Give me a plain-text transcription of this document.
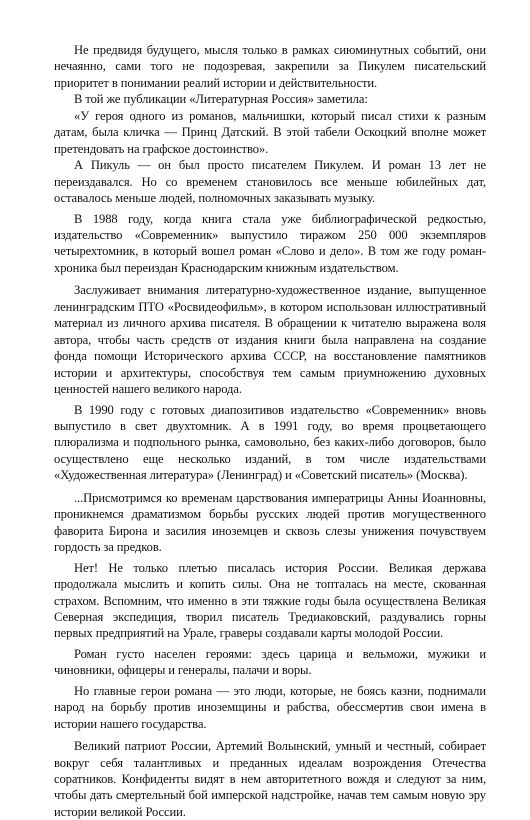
Не предвидя будущего, мысля только в рамках сиюминутных событий, они нечаянно, сами того не подозревая, закрепили за Пикулем писательский приоритет в понимании реалий истории и действительности.

В той же публикации «Литературная Россия» заметила:

«У героя одного из романов, мальчишки, который писал стихи к разным датам, была кличка — Принц Датский. В этой табели Оскоцкий вполне может претендовать на графское достоинство».

А Пикуль — он был просто писателем Пикулем. И роман 13 лет не переиздавался. Но со временем становилось все меньше юбилейных дат, оставалось меньше людей, полномочных заказывать музыку.

В 1988 году, когда книга стала уже библиографической редкостью, издательство «Современник» выпустило тиражом 250 000 экземпляров четырехтомник, в который вошел роман «Слово и дело». В том же году роман-хроника был переиздан Краснодарским книжным издательством.

Заслуживает внимания литературно-художественное издание, выпущенное ленинградским ПТО «Росвидеофильм», в котором использован иллюстративный материал из личного архива писателя. В обращении к читателю выражена воля автора, чтобы часть средств от издания книги была направлена на создание фонда помощи Исторического архива СССР, на восстановление памятников истории и архитектуры, способствуя тем самым приумножению духовных ценностей нашего великого народа.

В 1990 году с готовых диапозитивов издательство «Современник» вновь выпустило в свет двухтомник. А в 1991 году, во время процветающего плюрализма и подпольного рынка, самовольно, без каких-либо договоров, было осуществлено еще несколько изданий, в том числе издательствами «Художественная литература» (Ленинград) и «Советский писатель» (Москва).

...Присмотримся ко временам царствования императрицы Анны Иоанновны, проникнемся драматизмом борьбы русских людей против могущественного фаворита Бирона и засилия иноземцев и сквозь слезы унижения почувствуем гордость за предков.

Нет! Не только плетью писалась история России. Великая держава продолжала мыслить и копить силы. Она не топталась на месте, скованная страхом. Вспомним, что именно в эти тяжкие годы была осуществлена Великая Северная экспедиция, творил писатель Тредиаковский, раздувались горны первых предприятий на Урале, граверы создавали карты молодой России.

Роман густо населен героями: здесь царица и вельможи, мужики и чиновники, офицеры и генералы, палачи и воры.

Но главные герои романа — это люди, которые, не боясь казни, поднимали народ на борьбу против иноземщины и рабства, обессмертив свои имена в истории нашего государства.

Великий патриот России, Артемий Волынский, умный и честный, собирает вокруг себя талантливых и преданных идеалам возрождения Отечества соратников. Конфиденты видят в нем авторитетного вождя и следуют за ним, чтобы дать смертельный бой имперской надстройке, начав тем самым новую эру истории великой России.
